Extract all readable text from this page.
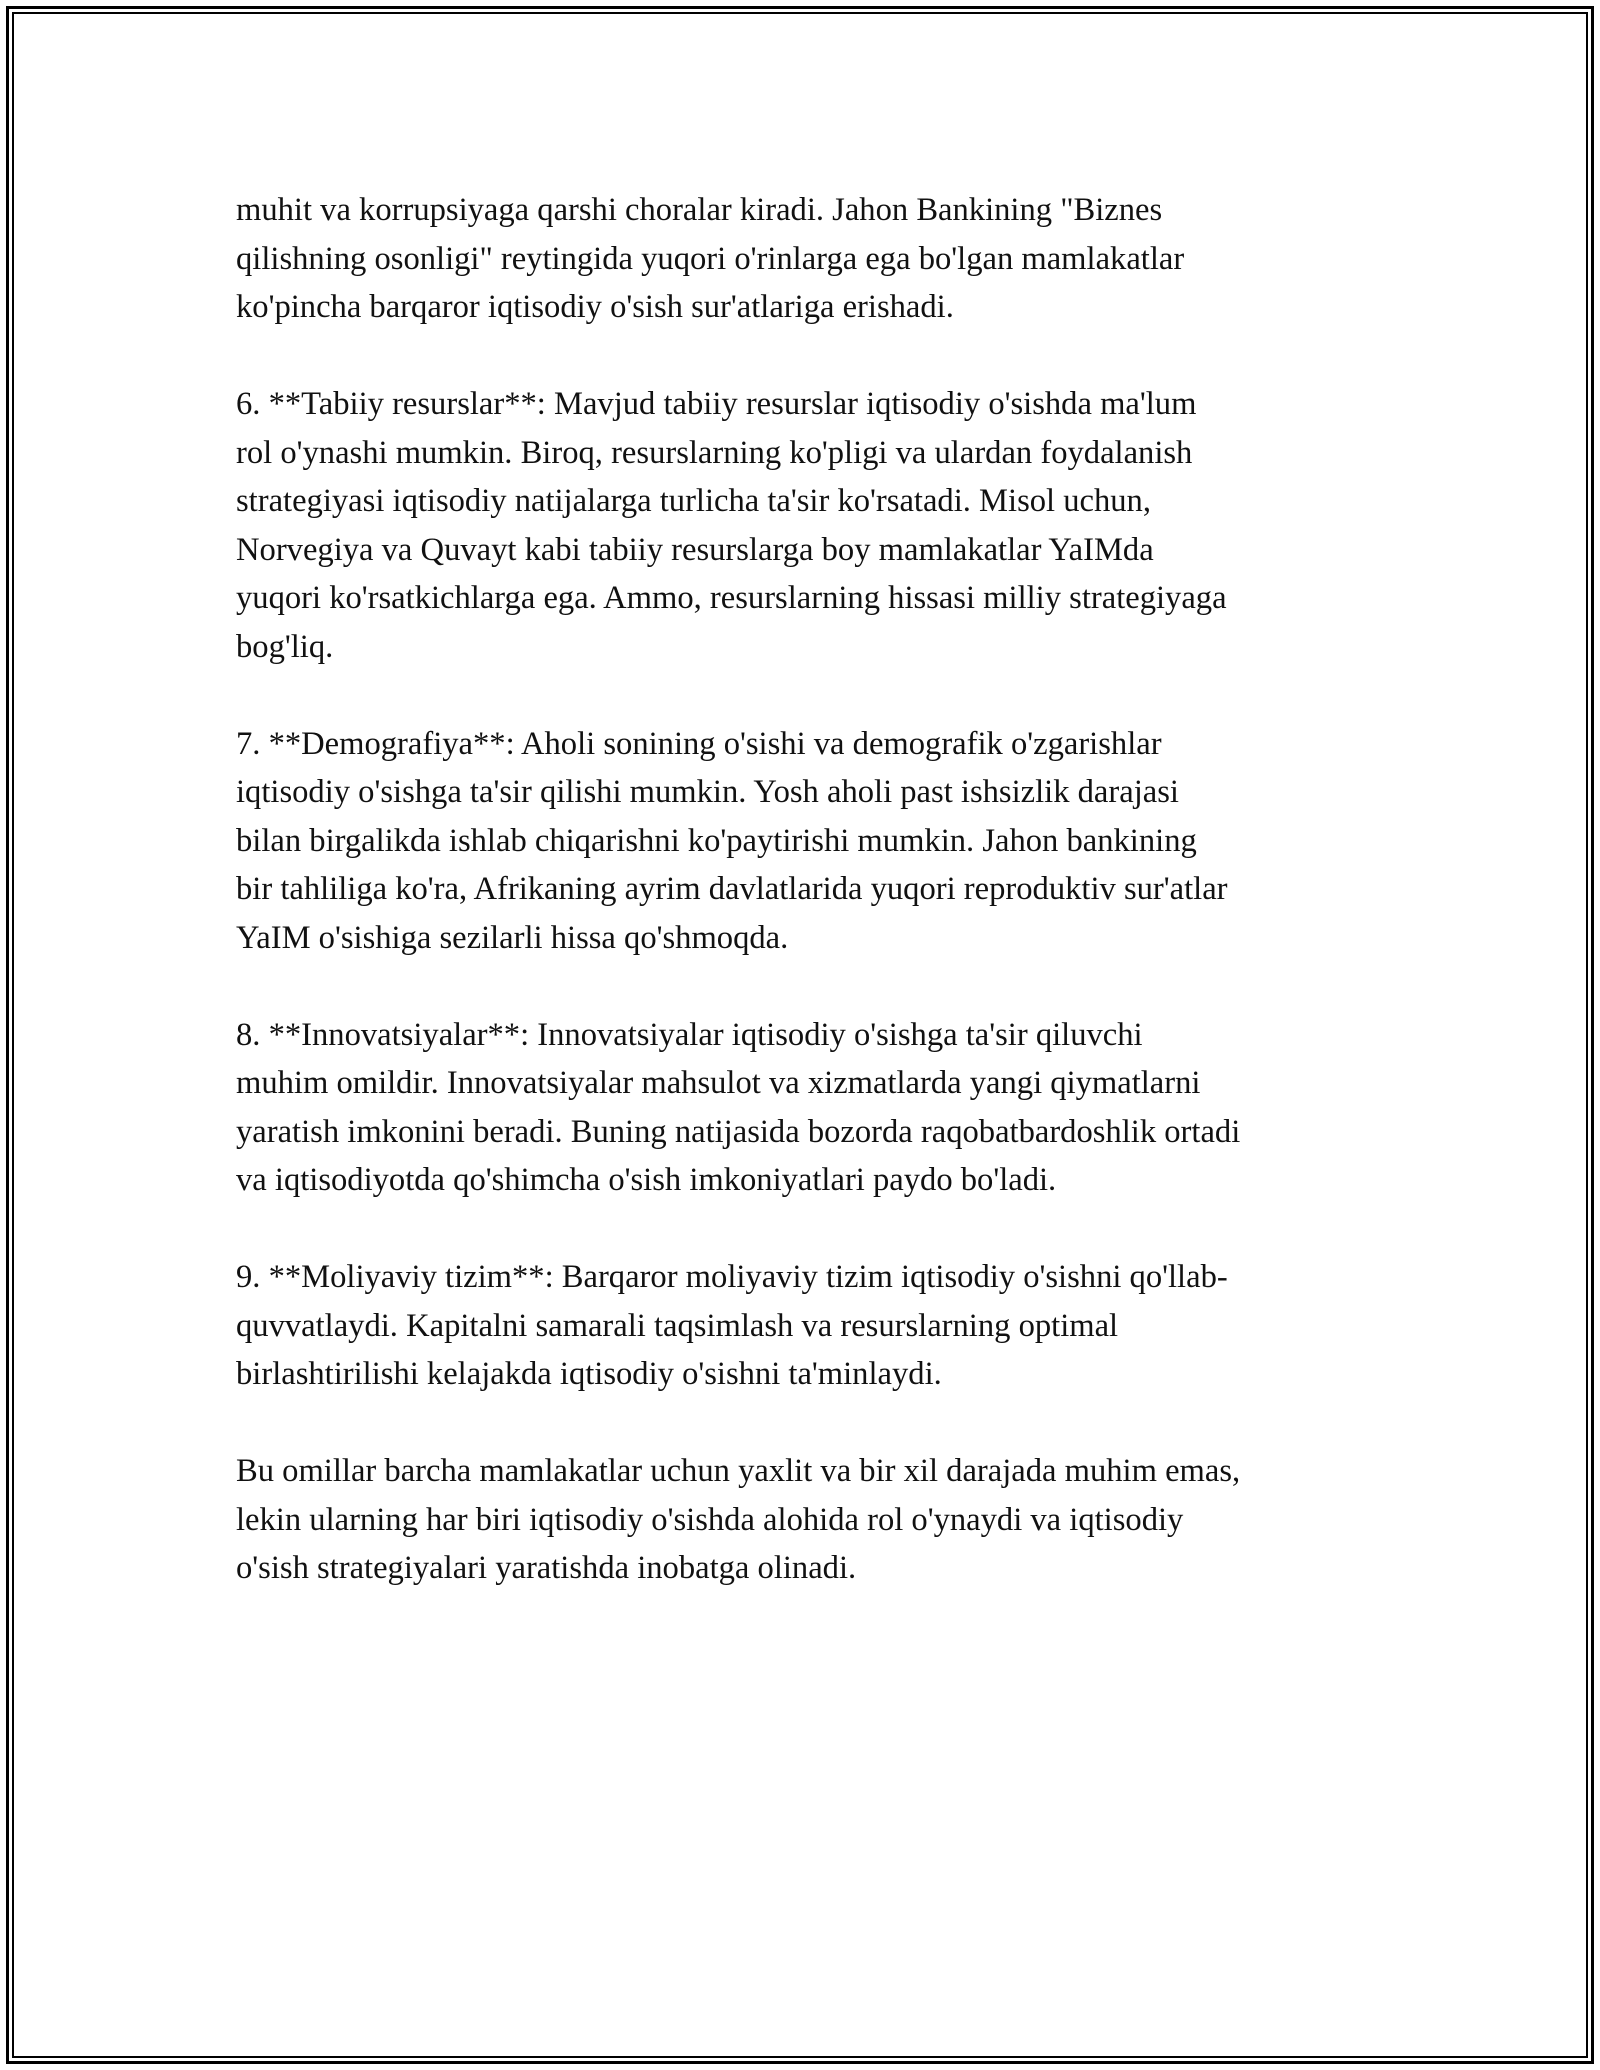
muhit va korrupsiyaga qarshi choralar kiradi. Jahon Bankining "Biznes
qilishning osonligi" reytingida yuqori o'rinlarga ega bo'lgan mamlakatlar
ko'pincha barqaror iqtisodiy o'sish sur'atlariga erishadi.

6. **Tabiiy resurslar**: Mavjud tabiiy resurslar iqtisodiy o'sishda ma'lum
rol o'ynashi mumkin. Biroq, resurslarning ko'pligi va ulardan foydalanish
strategiyasi iqtisodiy natijalarga turlicha ta'sir ko'rsatadi. Misol uchun,
Norvegiya va Quvayt kabi tabiiy resurslarga boy mamlakatlar YaIMda
yuqori ko'rsatkichlarga ega. Ammo, resurslarning hissasi milliy strategiyaga
bog'liq.

7. **Demografiya**: Aholi sonining o'sishi va demografik o'zgarishlar
iqtisodiy o'sishga ta'sir qilishi mumkin. Yosh aholi past ishsizlik darajasi
bilan birgalikda ishlab chiqarishni ko'paytirishi mumkin. Jahon bankining
bir tahliliga ko'ra, Afrikaning ayrim davlatlarida yuqori reproduktiv sur'atlar
YaIM o'sishiga sezilarli hissa qo'shmoqda.

8. **Innovatsiyalar**: Innovatsiyalar iqtisodiy o'sishga ta'sir qiluvchi
muhim omildir. Innovatsiyalar mahsulot va xizmatlarda yangi qiymatlarni
yaratish imkonini beradi. Buning natijasida bozorda raqobatbardoshlik ortadi
va iqtisodiyotda qo'shimcha o'sish imkoniyatlari paydo bo'ladi.

9. **Moliyaviy tizim**: Barqaror moliyaviy tizim iqtisodiy o'sishni qo'llab-
quvvatlaydi. Kapitalni samarali taqsimlash va resurslarning optimal
birlashtirilishi kelajakda iqtisodiy o'sishni ta'minlaydi.

Bu omillar barcha mamlakatlar uchun yaxlit va bir xil darajada muhim emas,
lekin ularning har biri iqtisodiy o'sishda alohida rol o'ynaydi va iqtisodiy
o'sish strategiyalari yaratishda inobatga olinadi.
